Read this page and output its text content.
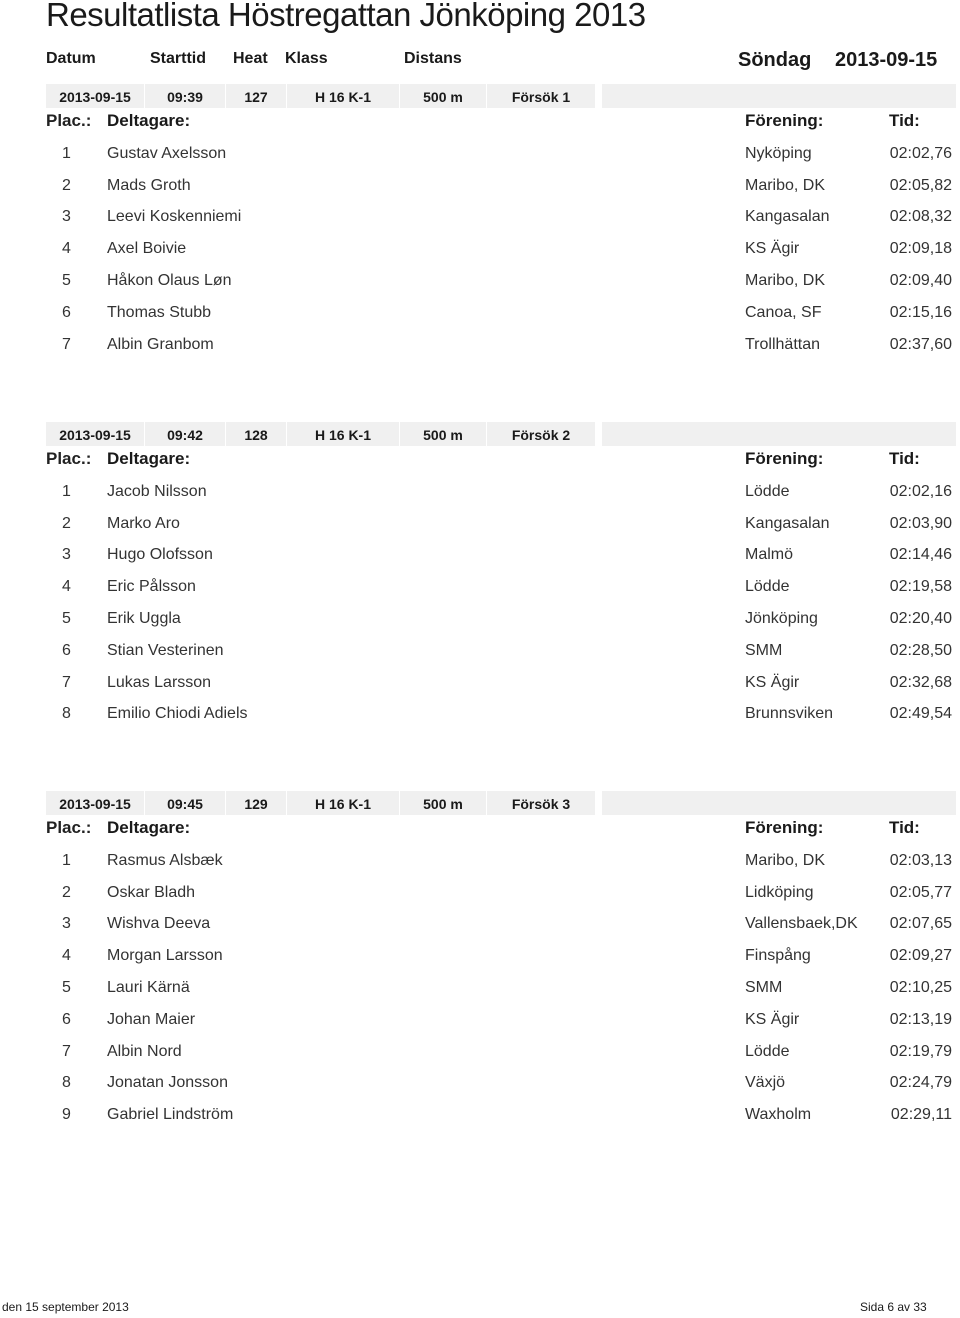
Resultatlista Höstregattan Jönköping 2013
Datum	Starttid Heat Klass	Distans	Söndag 2013-09-15
2013-09-15	09:39	127	H 16 K-1	500 m	Försök 1
Plac.: Deltagare:	Förening:	Tid:
1	Gustav Axelsson	Nyköping	02:02,76
2	Mads Groth	Maribo, DK	02:05,82
3	Leevi Koskenniemi	Kangasalan	02:08,32
4	Axel Boivie	KS Ägir	02:09,18
5	Håkon Olaus Løn	Maribo, DK	02:09,40
6	Thomas Stubb	Canoa, SF	02:15,16
7	Albin Granbom	Trollhättan	02:37,60
2013-09-15	09:42	128	H 16 K-1	500 m	Försök 2
Plac.: Deltagare:	Förening:	Tid:
1	Jacob Nilsson	Lödde	02:02,16
2	Marko Aro	Kangasalan	02:03,90
3	Hugo Olofsson	Malmö	02:14,46
4	Eric Pålsson	Lödde	02:19,58
5	Erik Uggla	Jönköping	02:20,40
6	Stian Vesterinen	SMM	02:28,50
7	Lukas Larsson	KS Ägir	02:32,68
8	Emilio Chiodi Adiels	Brunnsviken	02:49,54
2013-09-15	09:45	129	H 16 K-1	500 m	Försök 3
Plac.: Deltagare:	Förening:	Tid:
1	Rasmus Alsbæk	Maribo, DK	02:03,13
2	Oskar Bladh	Lidköping	02:05,77
3	Wishva Deeva	Vallensbaek,DK 02:07,65
4	Morgan Larsson	Finspång	02:09,27
5	Lauri Kärnä	SMM	02:10,25
6	Johan Maier	KS Ägir	02:13,19
7	Albin Nord	Lödde	02:19,79
8	Jonatan Jonsson	Växjö	02:24,79
9	Gabriel Lindström	Waxholm	02:29,11
den 15 september 2013	Sida 6 av 33
